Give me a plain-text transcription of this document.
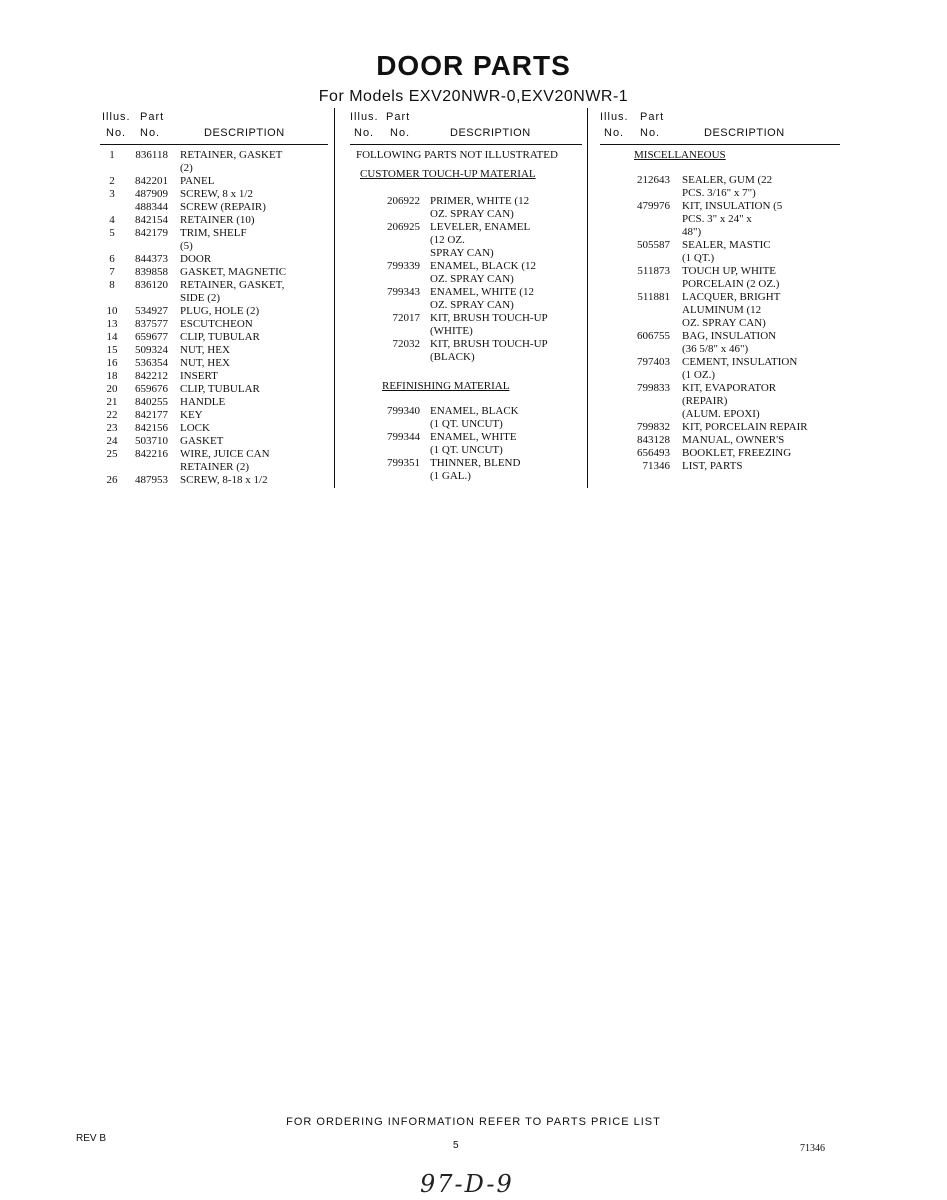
DOOR PARTS
For Models EXV20NWR-0,EXV20NWR-1
Illus. Part
No. No.	DESCRIPTION
1	836118 RETAINER, GASKET
(2)
2	842201 PANEL
3	487909 SCREW, 8 x 1/2
488344 SCREW (REPAIR)
4	842154 RETAINER (10)
5	842179 TRIM, SHELF
(5)
6	844373 DOOR
7	839858 GASKET, MAGNETIC
8	836120 RETAINER, GASKET,
SIDE (2)
10	534927 PLUG, HOLE (2)
13	837577 ESCUTCHEON
14	659677 CLIP, TUBULAR
15	509324 NUT, HEX
16	536354 NUT, HEX
18	842212 INSERT
20	659676 CLIP, TUBULAR
21	840255 HANDLE
22	842177 KEY
23	842156 LOCK
24	503710 GASKET
25	842216 WIRE, JUICE CAN
RETAINER (2)
26	487953 SCREW, 8-18 x 1/2
Illus. Part
No. No.	DESCRIPTION
FOLLOWING PARTS NOT ILLUSTRATED
CUSTOMER TOUCH-UP MATERIAL
206922 PRIMER, WHITE (12
OZ. SPRAY CAN)
206925 LEVELER, ENAMEL
(12 OZ.
SPRAY CAN)
799339 ENAMEL, BLACK (12
OZ. SPRAY CAN)
799343 ENAMEL, WHITE (12
OZ. SPRAY CAN)
72017 KIT, BRUSH TOUCH-UP
(WHITE)
72032 KIT, BRUSH TOUCH-UP
(BLACK)
REFINISHING MATERIAL
799340 ENAMEL, BLACK
(1 QT. UNCUT)
799344 ENAMEL, WHITE
(1 QT. UNCUT)
799351 THINNER, BLEND
(1 GAL.)
Illus. Part
No. No.	DESCRIPTION
MISCELLANEOUS
212643 SEALER, GUM (22
PCS. 3/16" x 7")
479976 KIT, INSULATION (5
PCS. 3" x 24" x
48")
505587 SEALER, MASTIC
(1 QT.)
511873 TOUCH UP, WHITE
PORCELAIN (2 OZ.)
511881 LACQUER, BRIGHT
ALUMINUM (12
OZ. SPRAY CAN)
606755 BAG, INSULATION
(36 5/8" x 46")
797403 CEMENT, INSULATION
(1 OZ.)
799833 KIT, EVAPORATOR
(REPAIR)
(ALUM. EPOXI)
799832 KIT, PORCELAIN REPAIR
843128 MANUAL, OWNER'S
656493 BOOKLET, FREEZING
71346 LIST, PARTS
FOR ORDERING INFORMATION REFER TO PARTS PRICE LIST
REV B
5	71346
97-D-9
